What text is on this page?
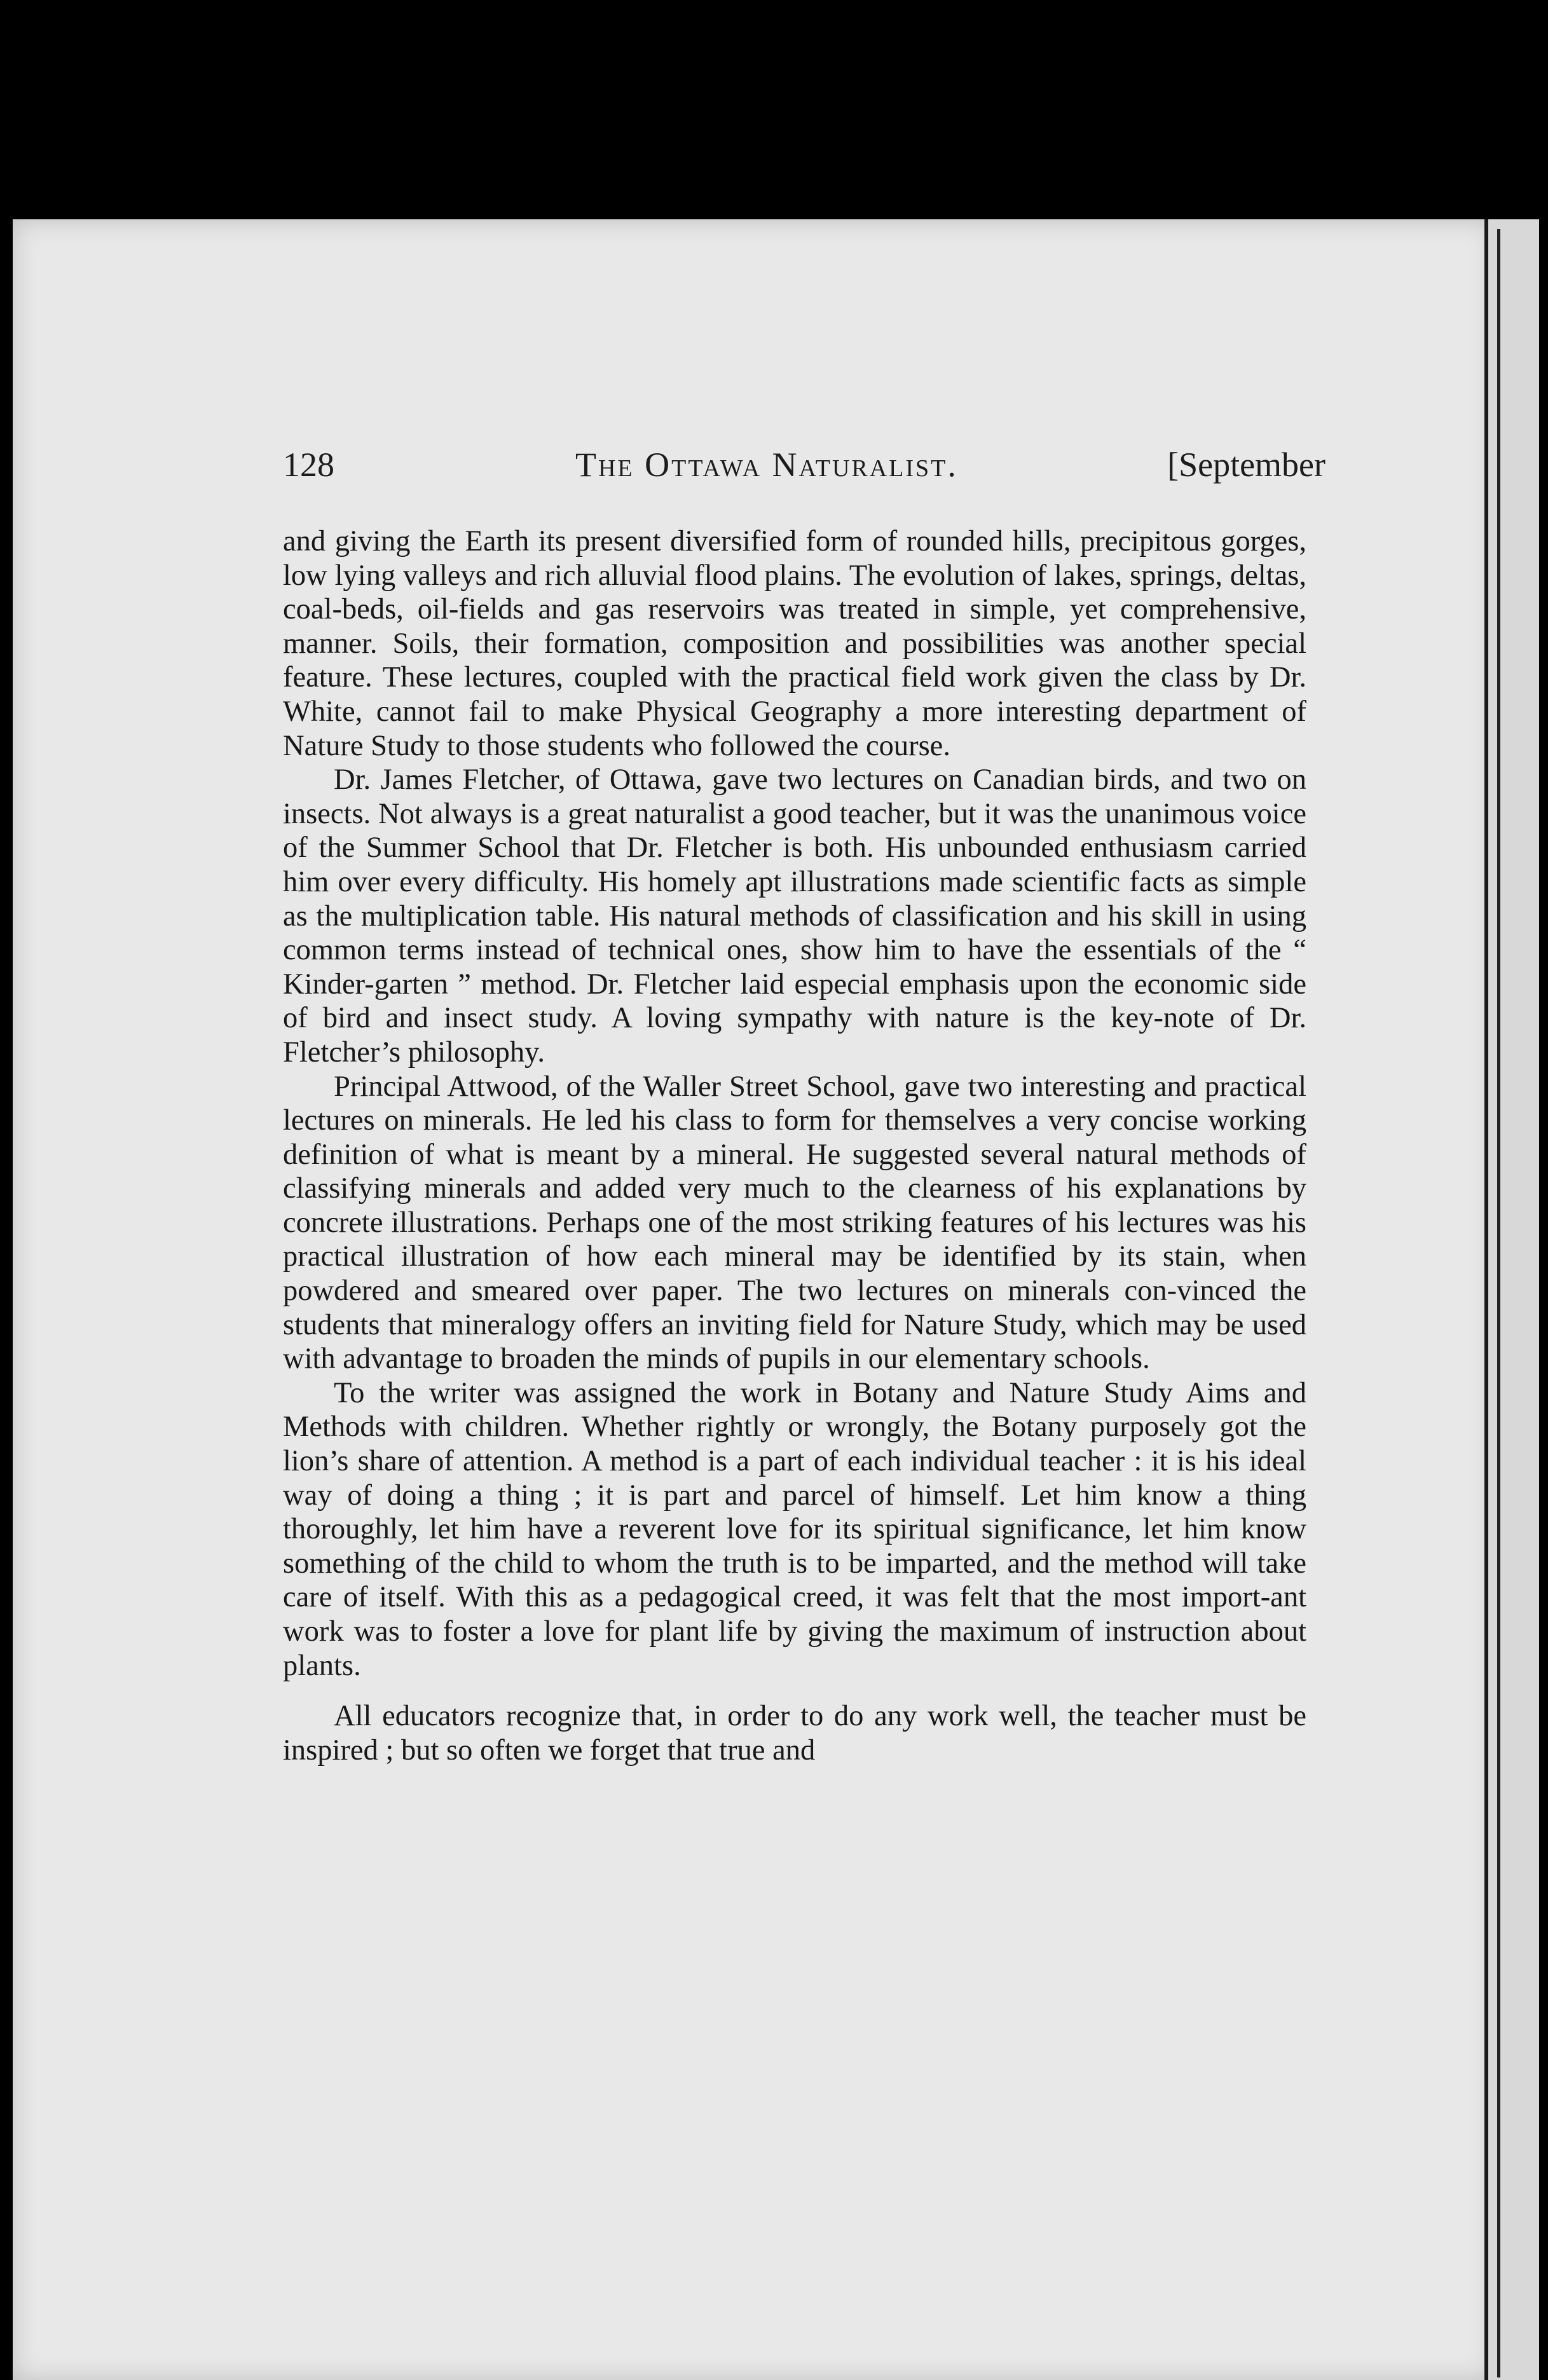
128	The Ottawa Naturalist.	[September

and giving the Earth its present diversified form of rounded hills, precipitous gorges, low lying valleys and rich alluvial flood plains. The evolution of lakes, springs, deltas, coal-beds, oil-fields and gas reservoirs was treated in simple, yet comprehensive, manner. Soils, their formation, composition and possibilities was another special feature. These lectures, coupled with the practical field work given the class by Dr. White, cannot fail to make Physical Geography a more interesting department of Nature Study to those students who followed the course.

Dr. James Fletcher, of Ottawa, gave two lectures on Canadian birds, and two on insects. Not always is a great naturalist a good teacher, but it was the unanimous voice of the Summer School that Dr. Fletcher is both. His unbounded enthusiasm carried him over every difficulty. His homely apt illustrations made scientific facts as simple as the multiplication table. His natural methods of classification and his skill in using common terms instead of technical ones, show him to have the essentials of the “ Kinder-garten ” method. Dr. Fletcher laid especial emphasis upon the economic side of bird and insect study. A loving sympathy with nature is the key-note of Dr. Fletcher’s philosophy.

Principal Attwood, of the Waller Street School, gave two interesting and practical lectures on minerals. He led his class to form for themselves a very concise working definition of what is meant by a mineral. He suggested several natural methods of classifying minerals and added very much to the clearness of his explanations by concrete illustrations. Perhaps one of the most striking features of his lectures was his practical illustration of how each mineral may be identified by its stain, when powdered and smeared over paper. The two lectures on minerals con-vinced the students that mineralogy offers an inviting field for Nature Study, which may be used with advantage to broaden the minds of pupils in our elementary schools.

To the writer was assigned the work in Botany and Nature Study Aims and Methods with children. Whether rightly or wrongly, the Botany purposely got the lion’s share of attention. A method is a part of each individual teacher : it is his ideal way of doing a thing ; it is part and parcel of himself. Let him know a thing thoroughly, let him have a reverent love for its spiritual significance, let him know something of the child to whom the truth is to be imparted, and the method will take care of itself. With this as a pedagogical creed, it was felt that the most import-ant work was to foster a love for plant life by giving the maximum of instruction about plants.

All educators recognize that, in order to do any work well, the teacher must be inspired ; but so often we forget that true and
